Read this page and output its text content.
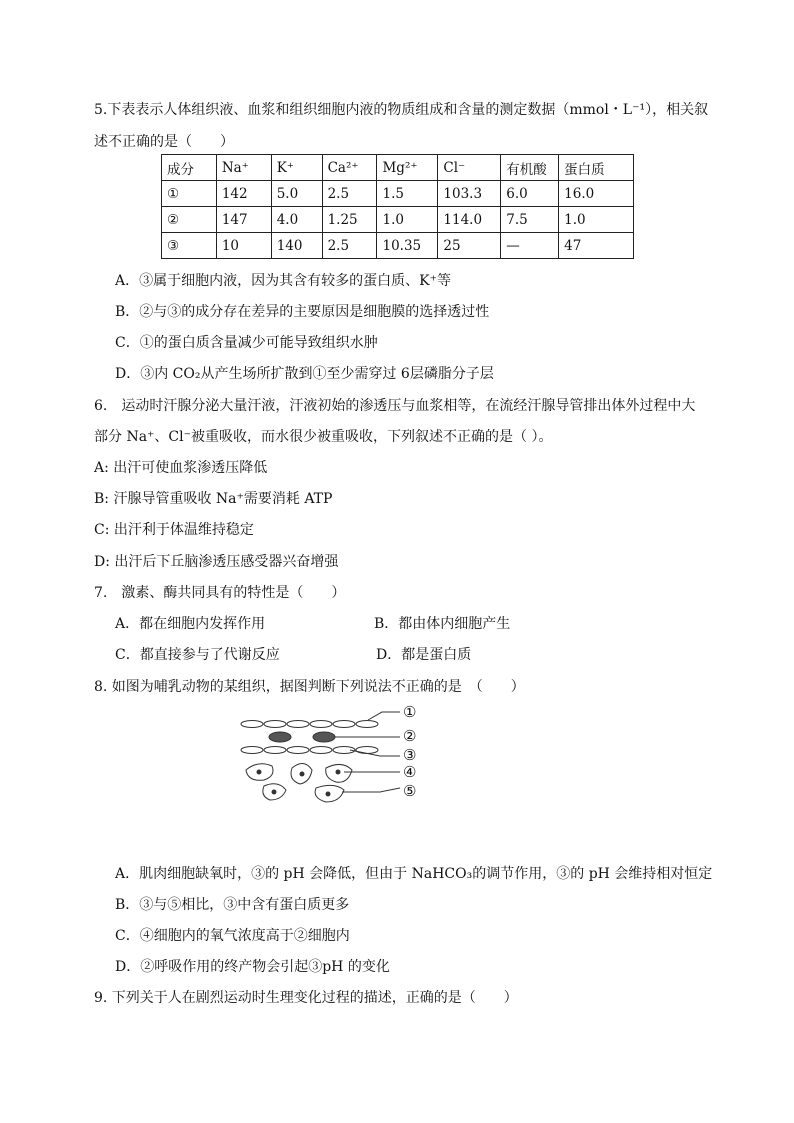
5.下表表示人体组织液、血浆和组织细胞内液的物质组成和含量的测定数据（mmol・L⁻¹），相关叙
述不正确的是（　　）
成分	Na⁺	K⁺	Ca²⁺	Mg²⁺	Cl⁻	有机酸	蛋白质
①	142	5.0	2.5	1.5	103.3	6.0	16.0
②	147	4.0	1.25	1.0	114.0	7.5	1.0
③	10	140	2.5	10.35	25	—	47
A．③属于细胞内液，因为其含有较多的蛋白质、K⁺等
B．②与③的成分存在差异的主要原因是细胞膜的选择透过性
C．①的蛋白质含量减少可能导致组织水肿
D．③内 CO₂从产生场所扩散到①至少需穿过 6层磷脂分子层
6.　运动时汗腺分泌大量汗液，汗液初始的渗透压与血浆相等，在流经汗腺导管排出体外过程中大
部分 Na⁺、Cl⁻被重吸收，而水很少被重吸收，下列叙述不正确的是（ ）。
A: 出汗可使血浆渗透压降低
B: 汗腺导管重吸收 Na⁺需要消耗 ATP
C: 出汗利于体温维持稳定
D: 出汗后下丘脑渗透压感受器兴奋增强
7.　激素、酶共同具有的特性是（　　）
A．都在细胞内发挥作用	B．都由体内细胞产生
C．都直接参与了代谢反应	D．都是蛋白质
8. 如图为哺乳动物的某组织，据图判断下列说法不正确的是　（　　）
①
②
③
④
⑤
A．肌肉细胞缺氧时，③的 pH 会降低，但由于 NaHCO₃的调节作用，③的 pH 会维持相对恒定
B．③与⑤相比，③中含有蛋白质更多
C．④细胞内的氧气浓度高于②细胞内
D．②呼吸作用的终产物会引起③pH 的变化
9. 下列关于人在剧烈运动时生理变化过程的描述，正确的是（　　）
